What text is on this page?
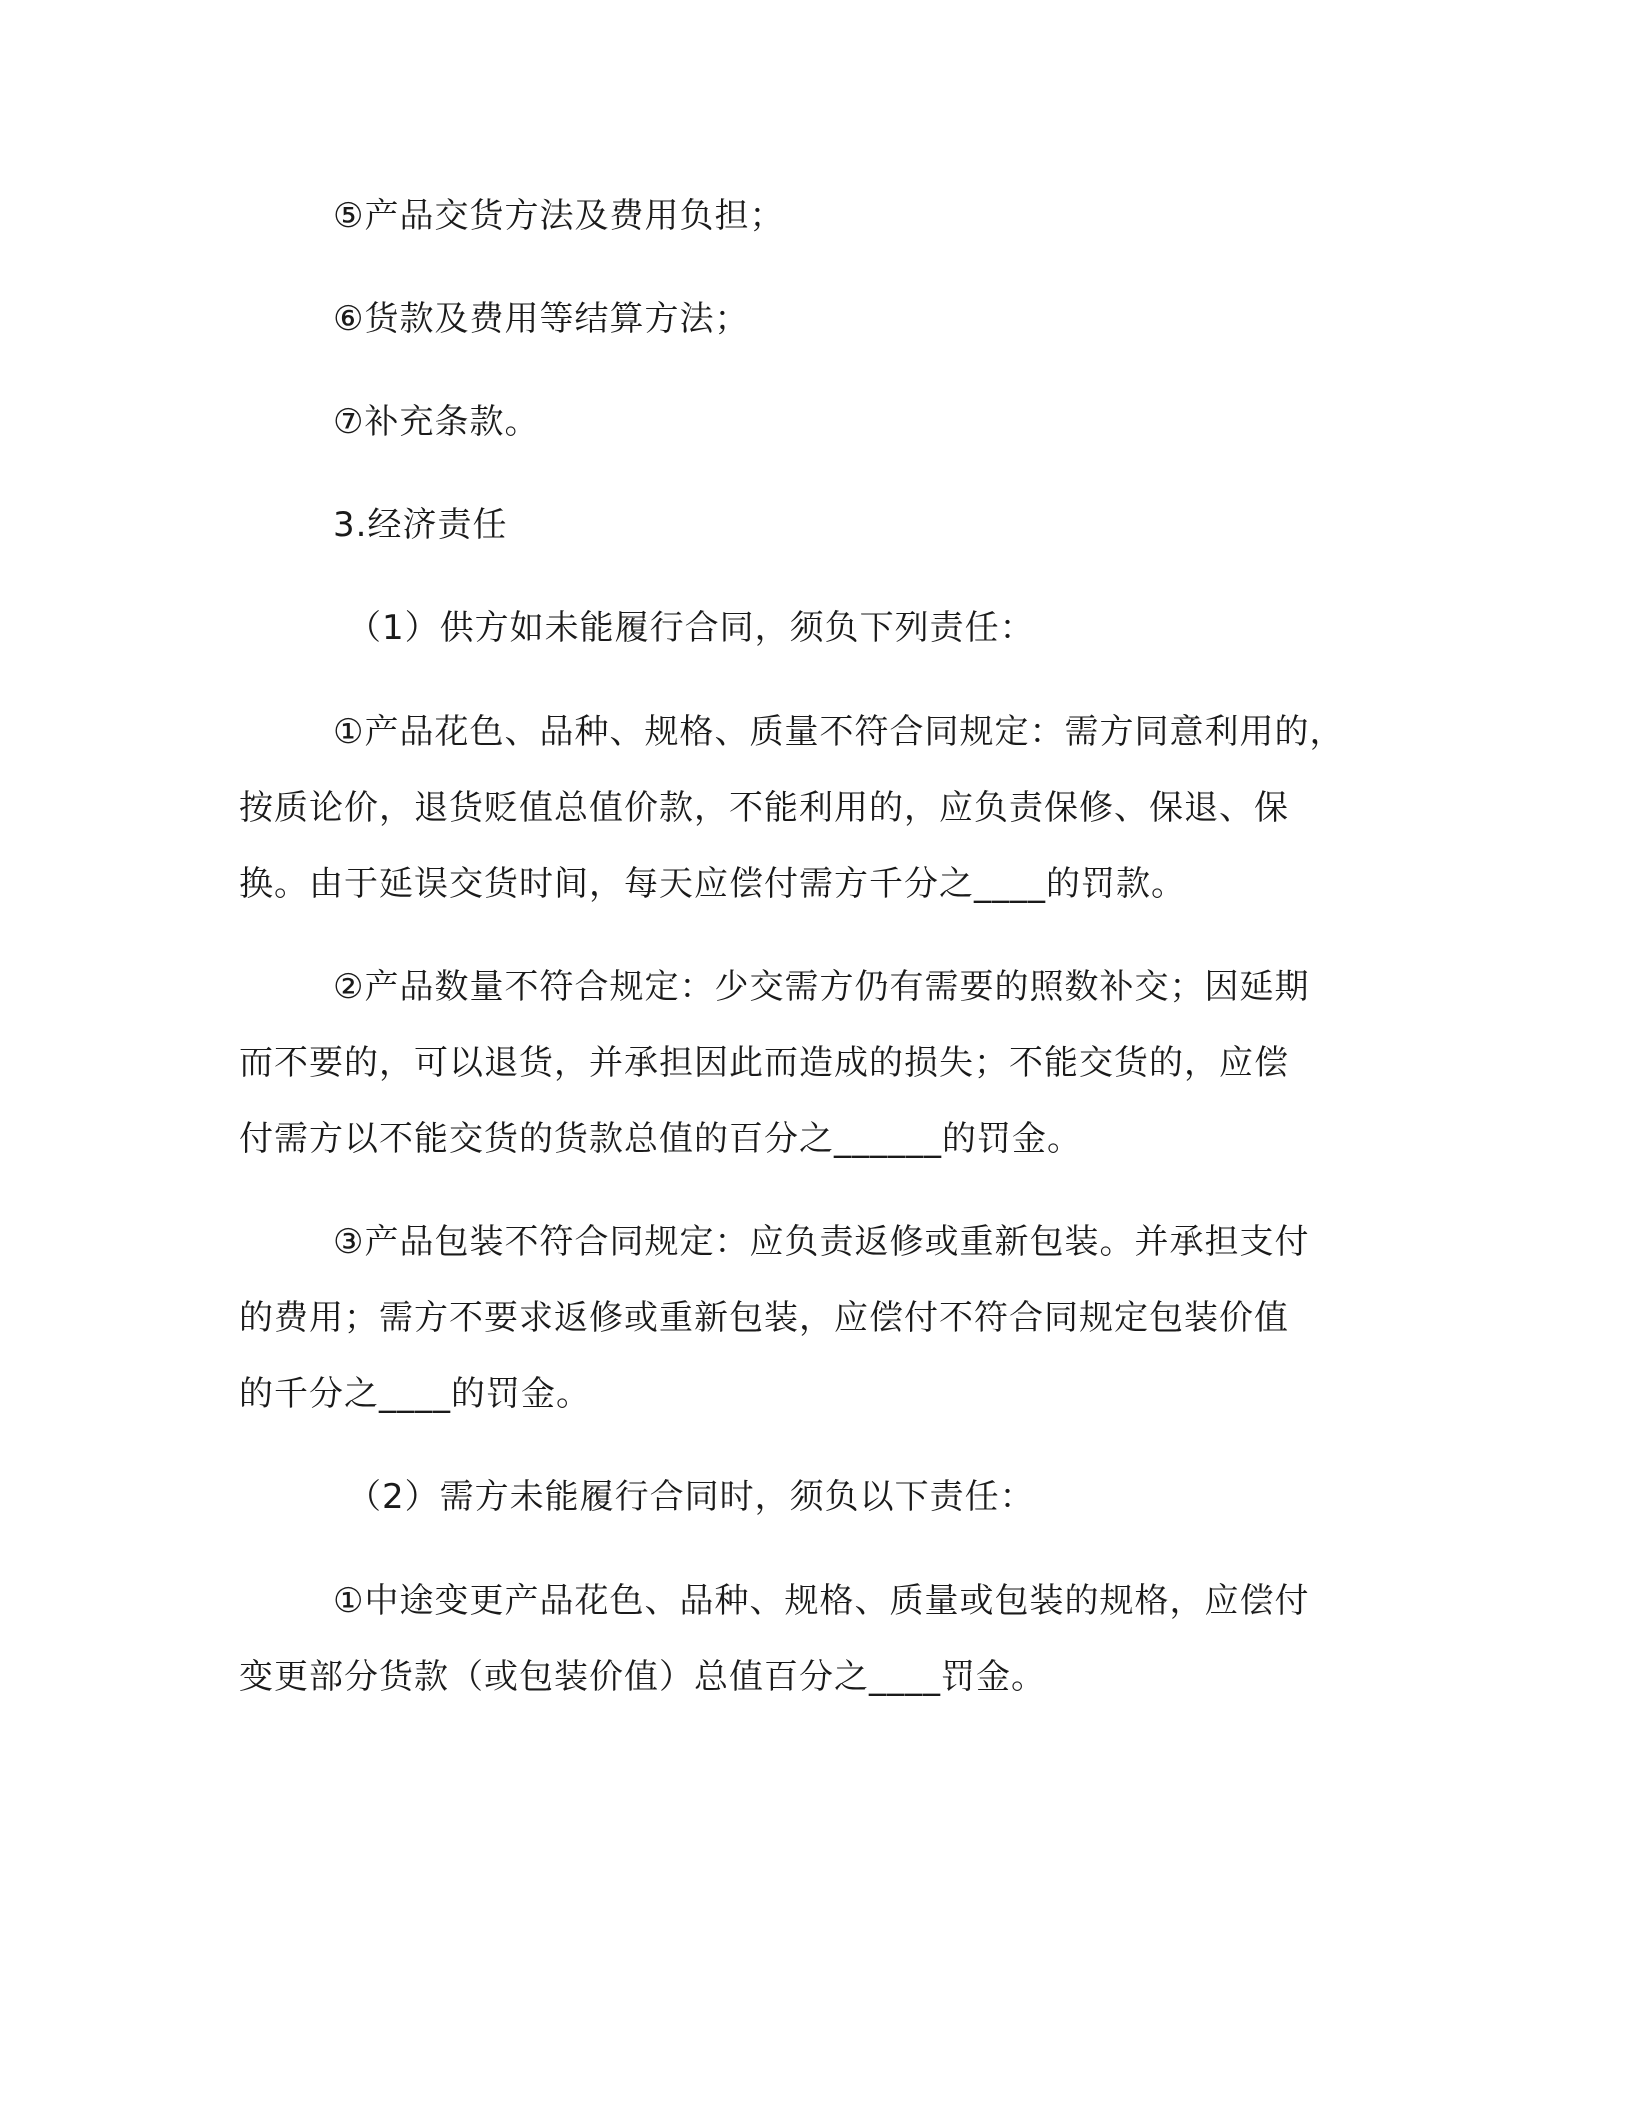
⑤产品交货方法及费用负担；
⑥货款及费用等结算方法；
⑦补充条款。
3.经济责任
（1）供方如未能履行合同，须负下列责任：
①产品花色、品种、规格、质量不符合同规定：需方同意利用的，
按质论价，退货贬值总值价款，不能利用的，应负责保修、保退、保
换。由于延误交货时间，每天应偿付需方千分之____的罚款。
②产品数量不符合规定：少交需方仍有需要的照数补交；因延期
而不要的，可以退货，并承担因此而造成的损失；不能交货的，应偿
付需方以不能交货的货款总值的百分之______的罚金。
③产品包装不符合同规定：应负责返修或重新包装。并承担支付
的费用；需方不要求返修或重新包装，应偿付不符合同规定包装价值
的千分之____的罚金。
（2）需方未能履行合同时，须负以下责任：
①中途变更产品花色、品种、规格、质量或包装的规格，应偿付
变更部分货款（或包装价值）总值百分之____罚金。
